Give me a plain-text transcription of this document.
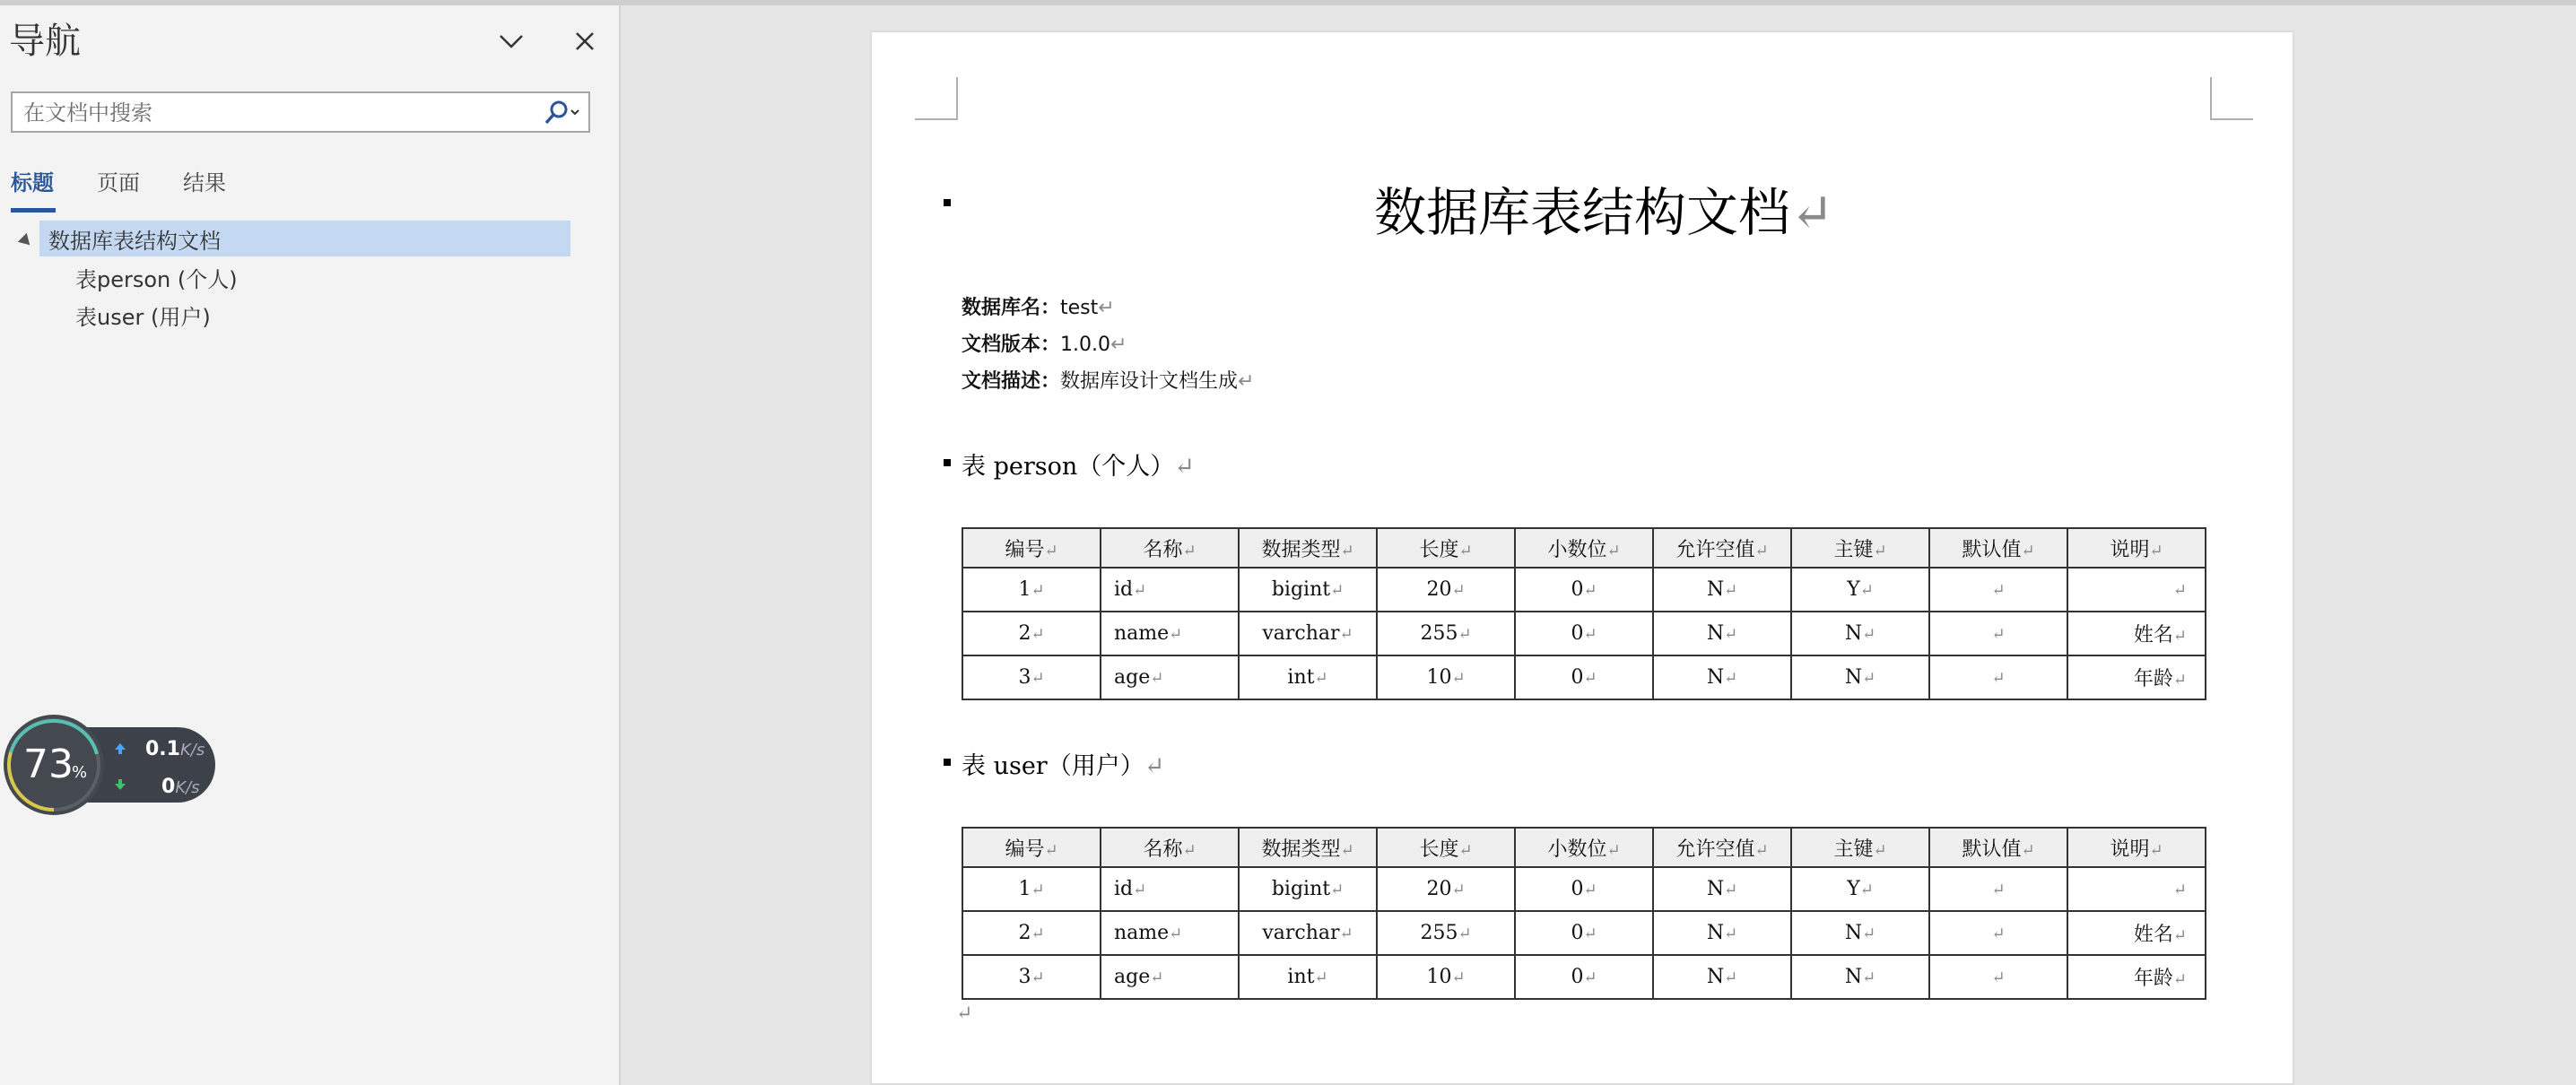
导航
在文档中搜索
标题 页面 结果
数据库表结构文档
表person (个人)
表user (用户)
0.1K/s
0K/s
73
%
数据库表结构文档↵
数据库名：test↵
文档版本：1.0.0↵
文档描述：数据库设计文档生成↵
表 person（个人）↵
编号↵	名称↵	数据类型↵	长度↵	小数位↵	允许空值↵	主键↵	默认值↵	说明↵
1↵	id↵	bigint↵	20↵	0↵	N↵	Y↵	↵	↵
2↵	name↵	varchar↵	255↵	0↵	N↵	N↵	↵	姓名↵
3↵	age↵	int↵	10↵	0↵	N↵	N↵	↵	年龄↵
表 user（用户）↵
编号↵	名称↵	数据类型↵	长度↵	小数位↵	允许空值↵	主键↵	默认值↵	说明↵
1↵	id↵	bigint↵	20↵	0↵	N↵	Y↵	↵	↵
2↵	name↵	varchar↵	255↵	0↵	N↵	N↵	↵	姓名↵
3↵	age↵	int↵	10↵	0↵	N↵	N↵	↵	年龄↵
↵
